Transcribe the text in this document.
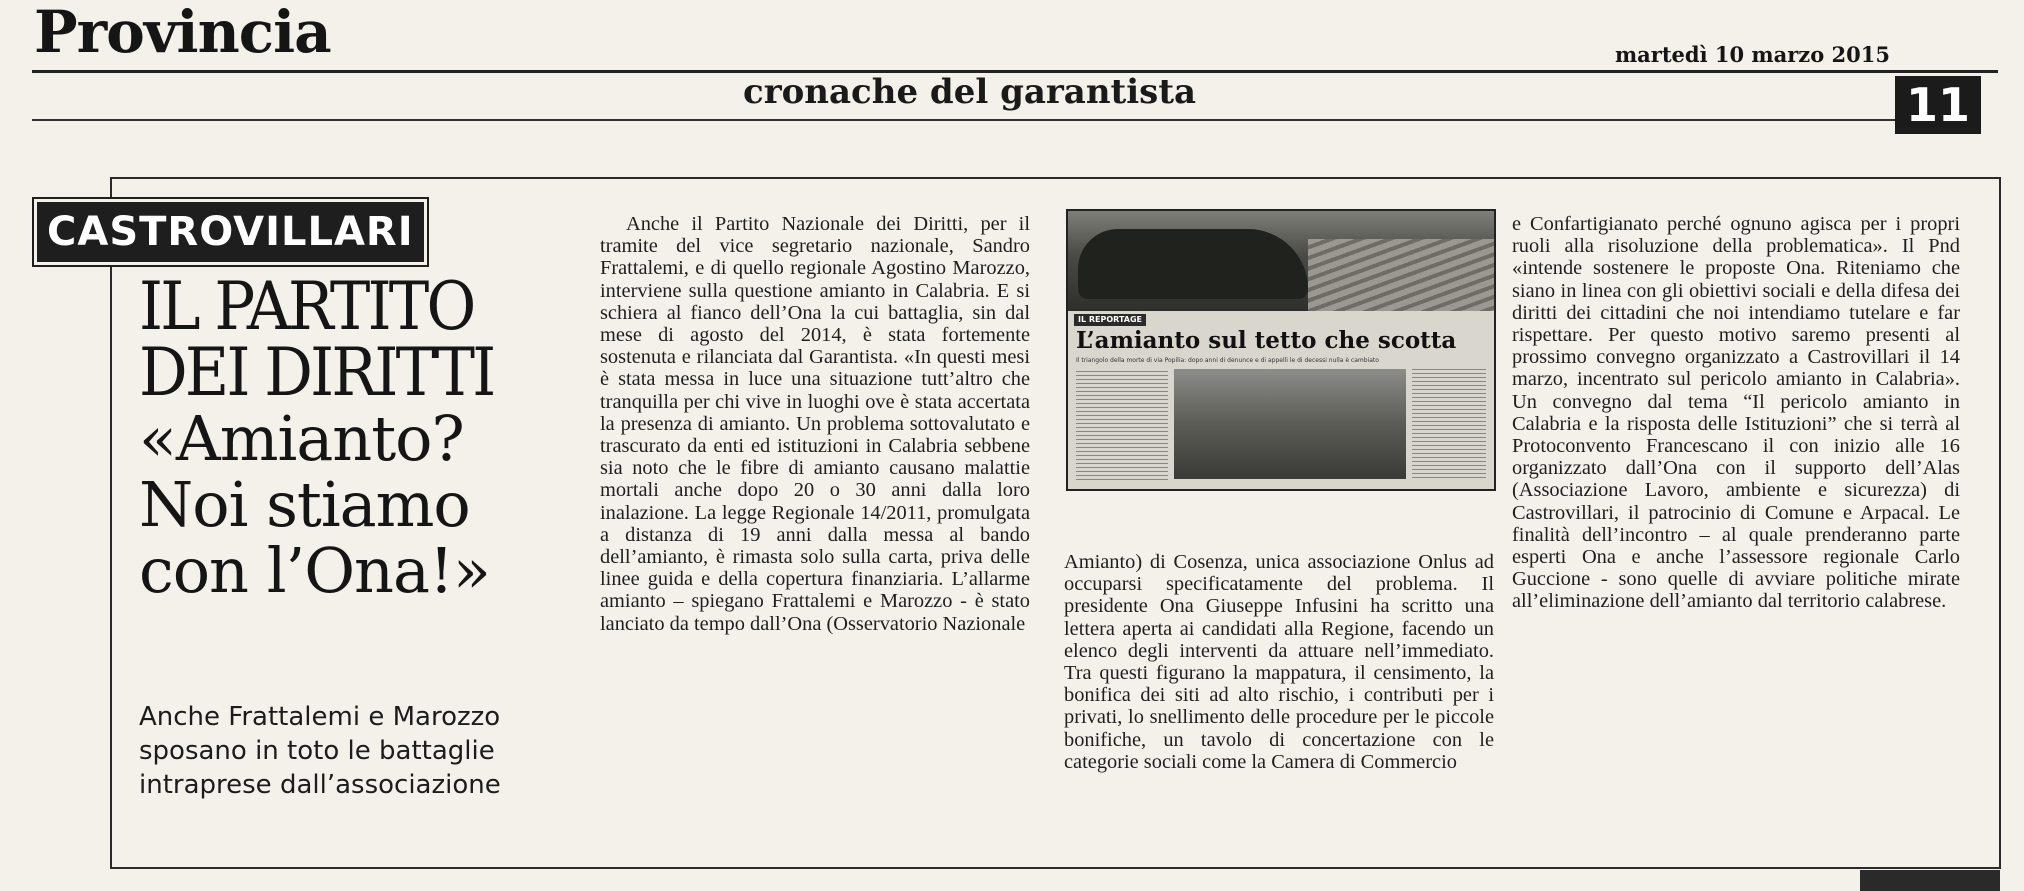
Provincia	martedì 10 marzo 2015
cronache del garantista	11
CASTROVILLARI
IL PARTITO
DEI DIRITTI
«Amianto?
Noi stiamo
con l’Ona!»
Anche Frattalemi e Marozzo sposano in toto le battaglie intraprese dall’associazione
Anche il Partito Nazionale dei Diritti, per il tramite del vice segretario nazionale, Sandro Frattalemi, e di quello regionale Agostino Marozzo, interviene sulla questione amianto in Calabria. E si schiera al fianco dell’Ona la cui battaglia, sin dal mese di agosto del 2014, è stata fortemente sostenuta e rilanciata dal Garantista. «In questi mesi è stata messa in luce una situazione tutt’altro che tranquilla per chi vive in luoghi ove è stata accertata la presenza di amianto. Un problema sottovalutato e trascurato da enti ed istituzioni in Calabria sebbene sia noto che le fibre di amianto causano malattie mortali anche dopo 20 o 30 anni dalla loro inalazione. La legge Regionale 14/2011, promulgata a distanza di 19 anni dalla messa al bando dell’amianto, è rimasta solo sulla carta, priva delle linee guida e della copertura finanziaria. L’allarme amianto – spiegano Frattalemi e Marozzo - è stato lanciato da tempo dall’Ona (Osservatorio Nazionale
IL REPORTAGE
L’amianto sul tetto che scotta
Il triangolo della morte di via Popilia: dopo anni di denunce e di appelli le di decessi nulla è cambiato
Amianto) di Cosenza, unica associazione Onlus ad occuparsi specificatamente del problema. Il presidente Ona Giuseppe Infusini ha scritto una lettera aperta ai candidati alla Regione, facendo un elenco degli interventi da attuare nell’immediato. Tra questi figurano la mappatura, il censimento, la bonifica dei siti ad alto rischio, i contributi per i privati, lo snellimento delle procedure per le piccole bonifiche, un tavolo di concertazione con le categorie sociali come la Camera di Commercio
e Confartigianato perché ognuno agisca per i propri ruoli alla risoluzione della problematica». Il Pnd «intende sostenere le proposte Ona. Riteniamo che siano in linea con gli obiettivi sociali e della difesa dei diritti dei cittadini che noi intendiamo tutelare e far rispettare. Per questo motivo saremo presenti al prossimo convegno organizzato a Castrovillari il 14 marzo, incentrato sul pericolo amianto in Calabria». Un convegno dal tema “Il pericolo amianto in Calabria e la risposta delle Istituzioni” che si terrà al Protoconvento Francescano il con inizio alle 16 organizzato dall’Ona con il supporto dell’Alas (Associazione Lavoro, ambiente e sicurezza) di Castrovillari, il patrocinio di Comune e Arpacal. Le finalità dell’incontro – al quale prenderanno parte esperti Ona e anche l’assessore regionale Carlo Guccione - sono quelle di avviare politiche mirate all’eliminazione dell’amianto dal territorio calabrese.
